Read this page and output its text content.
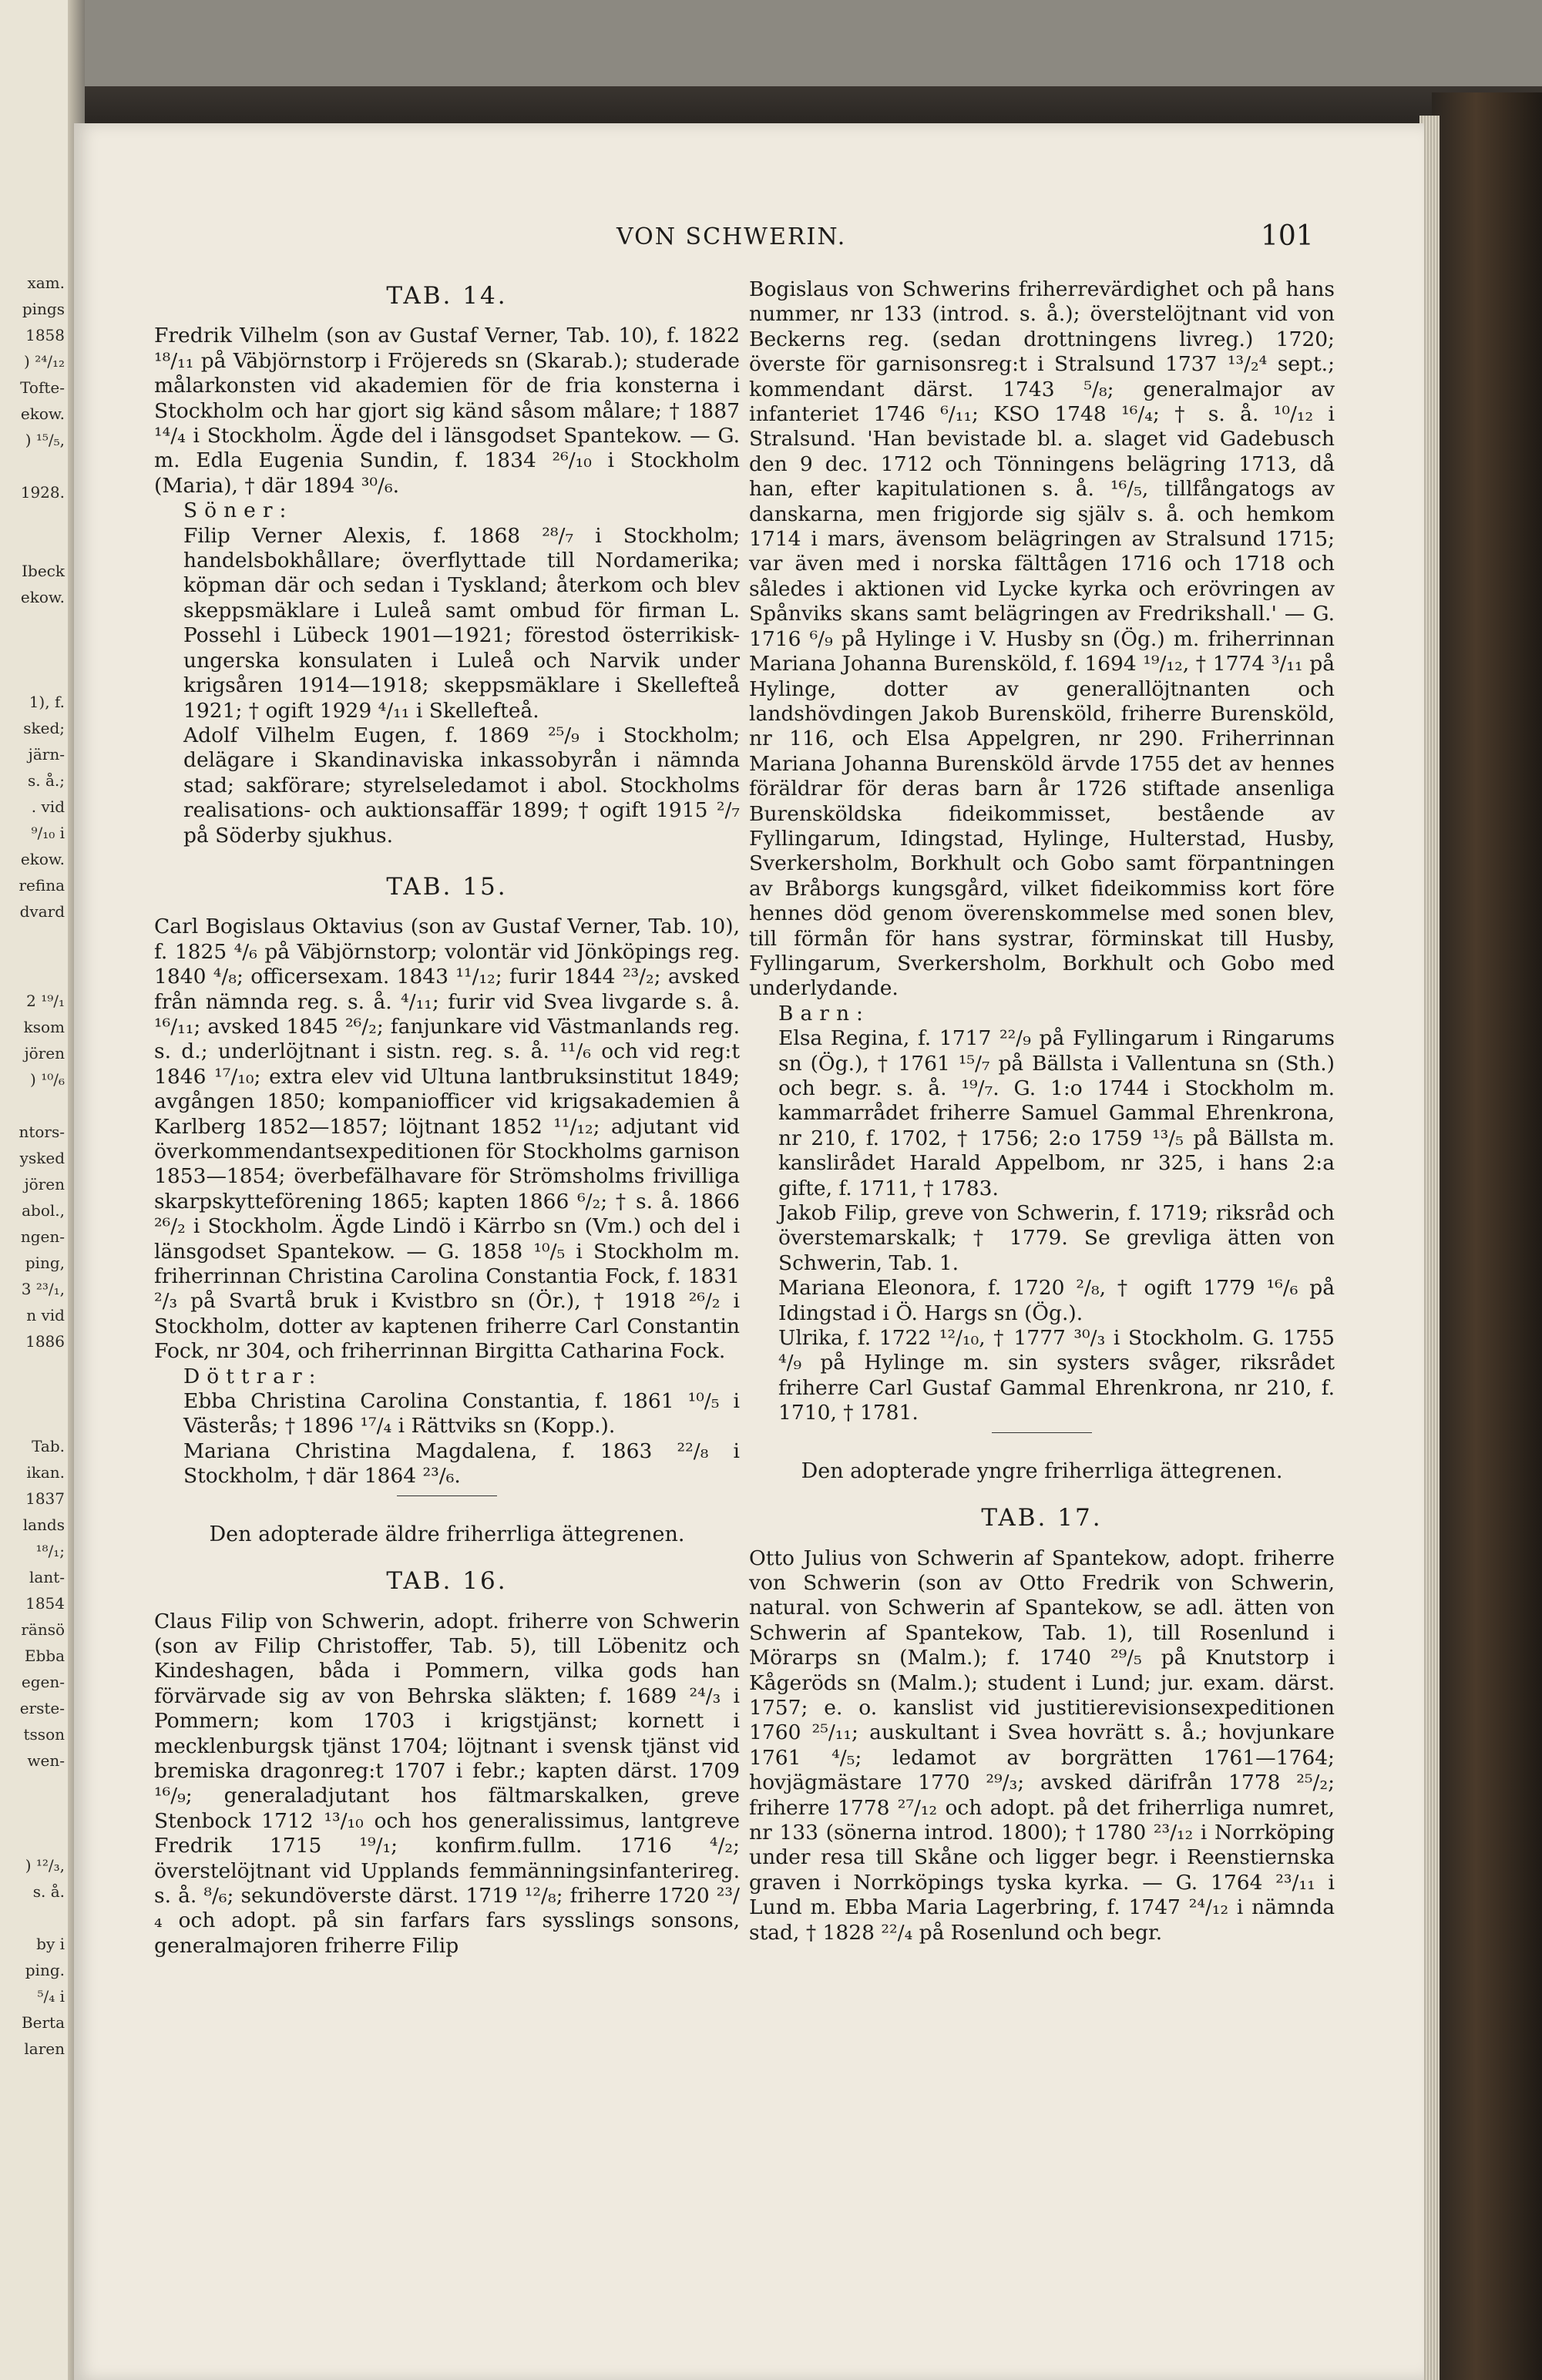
xam.
pings
1858
) ²⁴/₁₂
Tofte-
ekow.
) ¹⁵/₅,
1928.
Ibeck
ekow.
1), f.
sked;
järn-
s. å.;
. vid
⁹/₁₀ i
ekow.
refina
dvard
2 ¹⁹/₁
ksom
jören
) ¹⁰/₆
ntors-
ysked
jören
abol.,
ngen-
ping,
3 ²³/₁,
n vid
1886
Tab.
ikan.
1837
lands
¹⁸/₁;
lant-
1854
ränsö
Ebba
egen-
erste-
tsson
wen-
) ¹²/₃,
s. å.
by i
ping.
⁵/₄ i
Berta
laren
VON SCHWERIN.	101
TAB. 14.

Fredrik Vilhelm (son av Gustaf Verner, Tab. 10), f. 1822 ¹⁸/₁₁ på Väbjörnstorp i Fröjereds sn (Skarab.); studerade målarkonsten vid akademien för de fria konsterna i Stockholm och har gjort sig känd såsom målare; † 1887 ¹⁴/₄ i Stockholm. Ägde del i länsgodset Spantekow. — G. m. Edla Eugenia Sundin, f. 1834 ²⁶/₁₀ i Stockholm (Maria), † där 1894 ³⁰/₆.

Söner:

Filip Verner Alexis, f. 1868 ²⁸/₇ i Stockholm; handelsbokhållare; överflyttade till Nordamerika; köpman där och sedan i Tyskland; återkom och blev skeppsmäklare i Luleå samt ombud för firman L. Possehl i Lübeck 1901—1921; förestod österrikisk-ungerska konsulaten i Luleå och Narvik under krigsåren 1914—1918; skeppsmäklare i Skellefteå 1921; † ogift 1929 ⁴/₁₁ i Skellefteå.

Adolf Vilhelm Eugen, f. 1869 ²⁵/₉ i Stockholm; delägare i Skandinaviska inkassobyrån i nämnda stad; sakförare; styrelseledamot i abol. Stockholms realisations- och auktionsaffär 1899; † ogift 1915 ²/₇ på Söderby sjukhus.

TAB. 15.

Carl Bogislaus Oktavius (son av Gustaf Verner, Tab. 10), f. 1825 ⁴/₆ på Väbjörnstorp; volontär vid Jönköpings reg. 1840 ⁴/₈; officersexam. 1843 ¹¹/₁₂; furir 1844 ²³/₂; avsked från nämnda reg. s. å. ⁴/₁₁; furir vid Svea livgarde s. å. ¹⁶/₁₁; avsked 1845 ²⁶/₂; fanjunkare vid Västmanlands reg. s. d.; underlöjtnant i sistn. reg. s. å. ¹¹/₆ och vid reg:t 1846 ¹⁷/₁₀; extra elev vid Ultuna lantbruksinstitut 1849; avgången 1850; kompaniofficer vid krigsakademien å Karlberg 1852—1857; löjtnant 1852 ¹¹/₁₂; adjutant vid överkommendantsexpeditionen för Stockholms garnison 1853—1854; överbefälhavare för Strömsholms frivilliga skarpskytteförening 1865; kapten 1866 ⁶/₂; † s. å. 1866 ²⁶/₂ i Stockholm. Ägde Lindö i Kärrbo sn (Vm.) och del i länsgodset Spantekow. — G. 1858 ¹⁰/₅ i Stockholm m. friherrinnan Christina Carolina Constantia Fock, f. 1831 ²/₃ på Svartå bruk i Kvistbro sn (Ör.), † 1918 ²⁶/₂ i Stockholm, dotter av kaptenen friherre Carl Constantin Fock, nr 304, och friherrinnan Birgitta Catharina Fock.

Döttrar:

Ebba Christina Carolina Constantia, f. 1861 ¹⁰/₅ i Västerås; † 1896 ¹⁷/₄ i Rättviks sn (Kopp.).

Mariana Christina Magdalena, f. 1863 ²²/₈ i Stockholm, † där 1864 ²³/₆.

Den adopterade äldre friherrliga ättegrenen.
TAB. 16.

Claus Filip von Schwerin, adopt. friherre von Schwerin (son av Filip Christoffer, Tab. 5), till Löbenitz och Kindeshagen, båda i Pommern, vilka gods han förvärvade sig av von Behrska släkten; f. 1689 ²⁴/₃ i Pommern; kom 1703 i krigstjänst; kornett i mecklenburgsk tjänst 1704; löjtnant i svensk tjänst vid bremiska dragonreg:t 1707 i febr.; kapten därst. 1709 ¹⁶/₉; generaladjutant hos fältmarskalken, greve Stenbock 1712 ¹³/₁₀ och hos generalissimus, lantgreve Fredrik 1715 ¹⁹/₁; konfirm.fullm. 1716 ⁴/₂; överstelöjtnant vid Upplands femmänningsinfanterireg. s. å. ⁸/₆; sekundöverste därst. 1719 ¹²/₈; friherre 1720 ²³/₄ och adopt. på sin farfars fars sysslings sonsons, generalmajoren friherre Filip

Bogislaus von Schwerins friherrevärdighet och på hans nummer, nr 133 (introd. s. å.); överstelöjtnant vid von Beckerns reg. (sedan drottningens livreg.) 1720; överste för garnisonsreg:t i Stralsund 1737 ¹³/₂⁴ sept.; kommendant därst. 1743 ⁵/₈; generalmajor av infanteriet 1746 ⁶/₁₁; KSO 1748 ¹⁶/₄; † s. å. ¹⁰/₁₂ i Stralsund. 'Han bevistade bl. a. slaget vid Gadebusch den 9 dec. 1712 och Tönningens belägring 1713, då han, efter kapitulationen s. å. ¹⁶/₅, tillfångatogs av danskarna, men frigjorde sig själv s. å. och hemkom 1714 i mars, ävensom belägringen av Stralsund 1715; var även med i norska fälttågen 1716 och 1718 och således i aktionen vid Lycke kyrka och erövringen av Spånviks skans samt belägringen av Fredrikshall.' — G. 1716 ⁶/₉ på Hylinge i V. Husby sn (Ög.) m. friherrinnan Mariana Johanna Burensköld, f. 1694 ¹⁹/₁₂, † 1774 ³/₁₁ på Hylinge, dotter av generallöjtnanten och landshövdingen Jakob Burensköld, friherre Burensköld, nr 116, och Elsa Appelgren, nr 290. Friherrinnan Mariana Johanna Burensköld ärvde 1755 det av hennes föräldrar för deras barn år 1726 stiftade ansenliga Burensköldska fideikommisset, bestående av Fyllingarum, Idingstad, Hylinge, Hulterstad, Husby, Sverkersholm, Borkhult och Gobo samt förpantningen av Bråborgs kungsgård, vilket fideikommiss kort före hennes död genom överenskommelse med sonen blev, till förmån för hans systrar, förminskat till Husby, Fyllingarum, Sverkersholm, Borkhult och Gobo med underlydande.

Barn:

Elsa Regina, f. 1717 ²²/₉ på Fyllingarum i Ringarums sn (Ög.), † 1761 ¹⁵/₇ på Bällsta i Vallentuna sn (Sth.) och begr. s. å. ¹⁹/₇. G. 1:o 1744 i Stockholm m. kammarrådet friherre Samuel Gammal Ehrenkrona, nr 210, f. 1702, † 1756; 2:o 1759 ¹³/₅ på Bällsta m. kanslirådet Harald Appelbom, nr 325, i hans 2:a gifte, f. 1711, † 1783.

Jakob Filip, greve von Schwerin, f. 1719; riksråd och överstemarskalk; † 1779. Se grevliga ätten von Schwerin, Tab. 1.

Mariana Eleonora, f. 1720 ²/₈, † ogift 1779 ¹⁶/₆ på Idingstad i Ö. Hargs sn (Ög.).

Ulrika, f. 1722 ¹²/₁₀, † 1777 ³⁰/₃ i Stockholm. G. 1755 ⁴/₉ på Hylinge m. sin systers svåger, riksrådet friherre Carl Gustaf Gammal Ehrenkrona, nr 210, f. 1710, † 1781.

Den adopterade yngre friherrliga ättegrenen.
TAB. 17.

Otto Julius von Schwerin af Spantekow, adopt. friherre von Schwerin (son av Otto Fredrik von Schwerin, natural. von Schwerin af Spantekow, se adl. ätten von Schwerin af Spantekow, Tab. 1), till Rosenlund i Mörarps sn (Malm.); f. 1740 ²⁹/₅ på Knutstorp i Kågeröds sn (Malm.); student i Lund; jur. exam. därst. 1757; e. o. kanslist vid justitierevisionsexpeditionen 1760 ²⁵/₁₁; auskultant i Svea hovrätt s. å.; hovjunkare 1761 ⁴/₅; ledamot av borgrätten 1761—1764; hovjägmästare 1770 ²⁹/₃; avsked därifrån 1778 ²⁵/₂; friherre 1778 ²⁷/₁₂ och adopt. på det friherrliga numret, nr 133 (sönerna introd. 1800); † 1780 ²³/₁₂ i Norrköping under resa till Skåne och ligger begr. i Reenstiernska graven i Norrköpings tyska kyrka. — G. 1764 ²³/₁₁ i Lund m. Ebba Maria Lagerbring, f. 1747 ²⁴/₁₂ i nämnda stad, † 1828 ²²/₄ på Rosenlund och begr.
